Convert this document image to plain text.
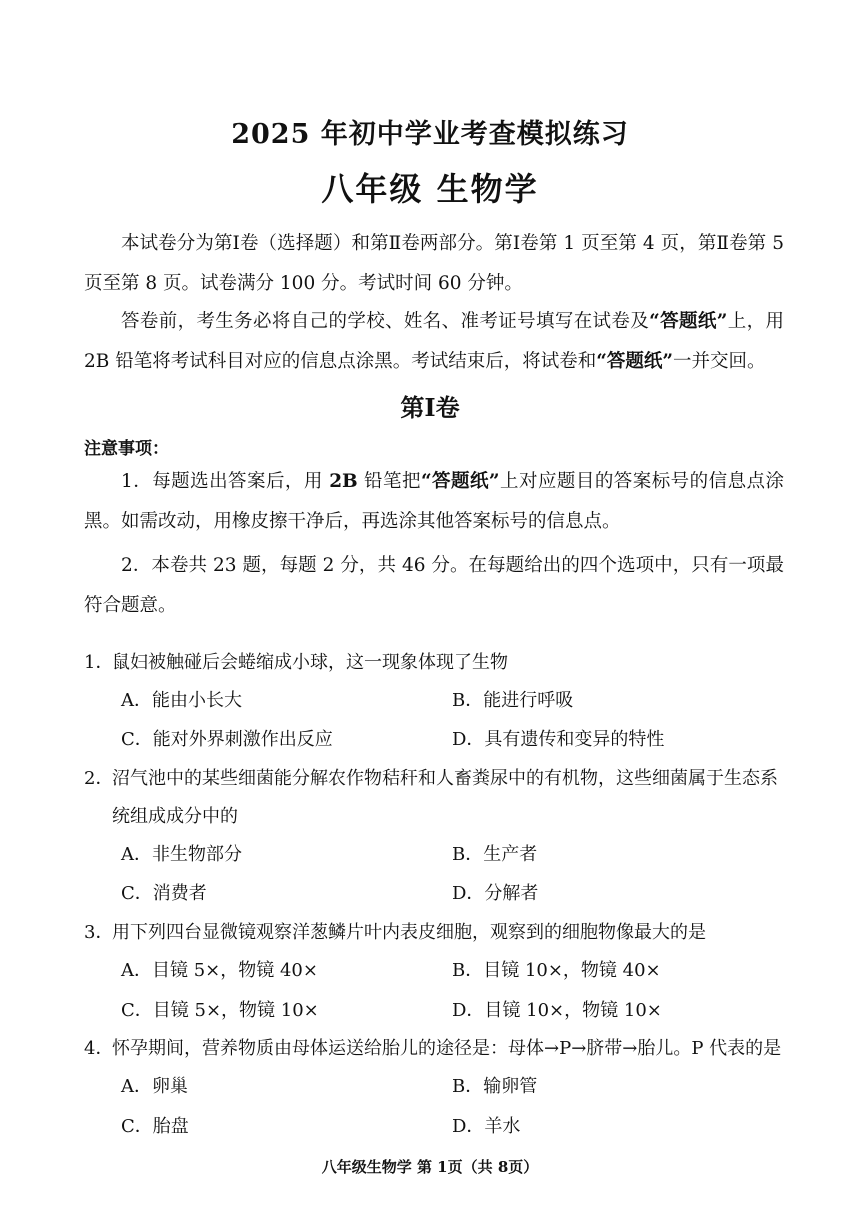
2025 年初中学业考查模拟练习
八年级 生物学
本试卷分为第Ⅰ卷（选择题）和第Ⅱ卷两部分。第Ⅰ卷第 1 页至第 4 页，第Ⅱ卷第 5 页至第 8 页。试卷满分 100 分。考试时间 60 分钟。
答卷前，考生务必将自己的学校、姓名、准考证号填写在试卷及“答题纸”上，用 2B 铅笔将考试科目对应的信息点涂黑。考试结束后，将试卷和“答题纸”一并交回。
第Ⅰ卷
注意事项：
1．每题选出答案后，用 2B 铅笔把“答题纸”上对应题目的答案标号的信息点涂黑。如需改动，用橡皮擦干净后，再选涂其他答案标号的信息点。
2．本卷共 23 题，每题 2 分，共 46 分。在每题给出的四个选项中，只有一项最符合题意。
1．鼠妇被触碰后会蜷缩成小球，这一现象体现了生物
A．能由小长大	B．能进行呼吸
C．能对外界刺激作出反应	D．具有遗传和变异的特性
2．沼气池中的某些细菌能分解农作物秸秆和人畜粪尿中的有机物，这些细菌属于生态系
统组成成分中的
A．非生物部分	B．生产者
C．消费者	D．分解者
3．用下列四台显微镜观察洋葱鳞片叶内表皮细胞，观察到的细胞物像最大的是
A．目镜 5×，物镜 40×	B．目镜 10×，物镜 40×
C．目镜 5×，物镜 10×	D．目镜 10×，物镜 10×
4．怀孕期间，营养物质由母体运送给胎儿的途径是：母体→P→脐带→胎儿。P 代表的是
A．卵巢	B．输卵管
C．胎盘	D．羊水
八年级生物学 第 1页（共 8页）
